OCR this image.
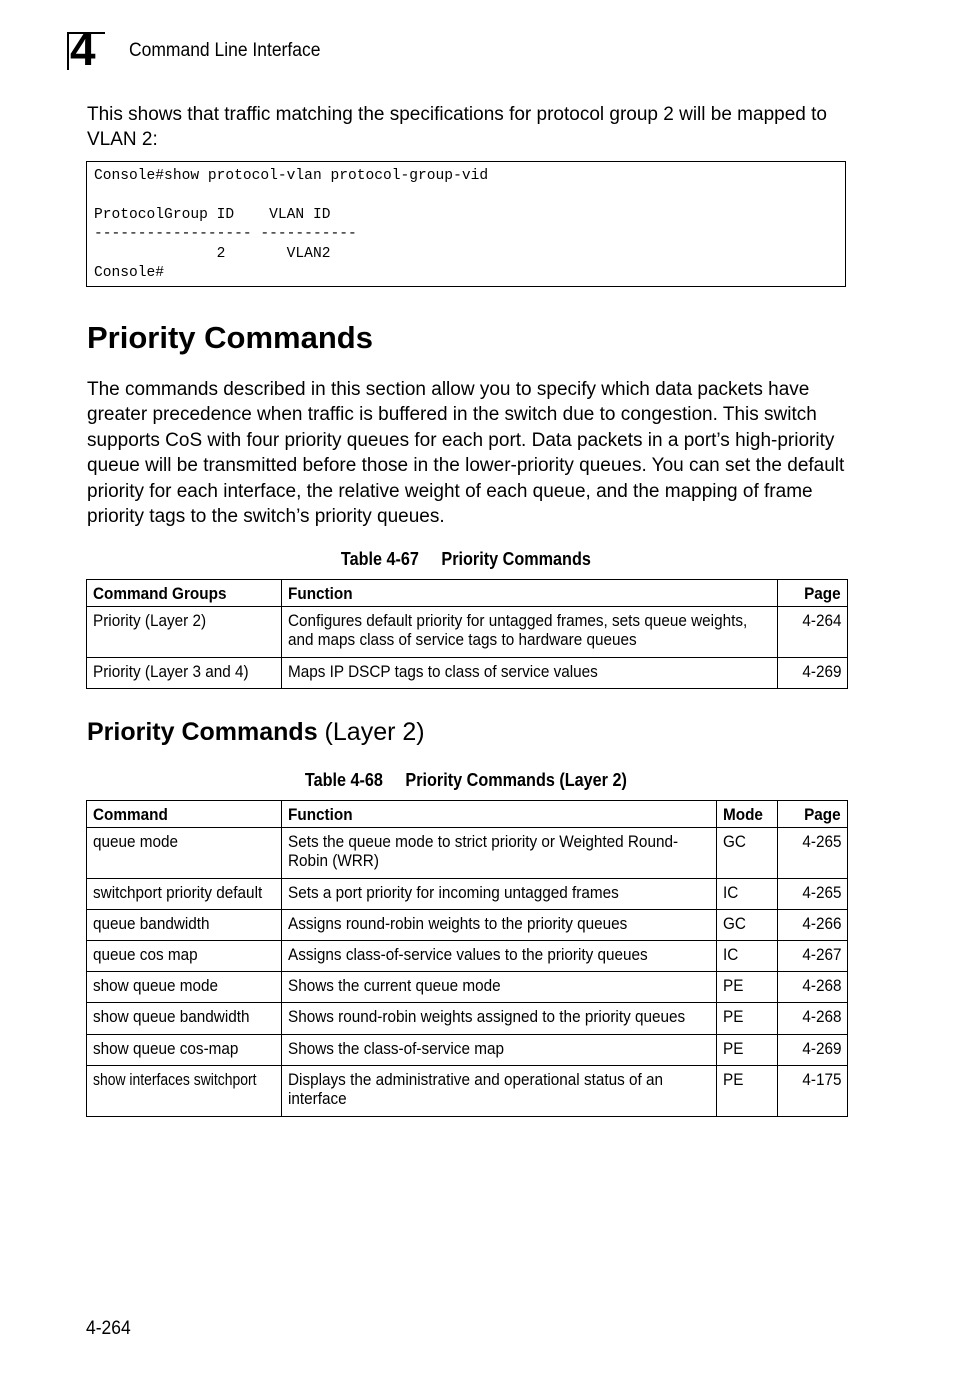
4 Command Line Interface
This shows that traffic matching the specifications for protocol group 2 will be mapped to VLAN 2:
Console#show protocol-vlan protocol-group-vid

ProtocolGroup ID    VLAN ID
------------------ -----------
2       VLAN2
Console#
Priority Commands
The commands described in this section allow you to specify which data packets have greater precedence when traffic is buffered in the switch due to congestion. This switch supports CoS with four priority queues for each port. Data packets in a port’s high-priority queue will be transmitted before those in the lower-priority queues. You can set the default priority for each interface, the relative weight of each queue, and the mapping of frame priority tags to the switch’s priority queues.
Table 4-67     Priority Commands
Command Groups	Function	Page
Priority (Layer 2)	Configures default priority for untagged frames, sets queue weights, and maps class of service tags to hardware queues	4-264
Priority (Layer 3 and 4)	Maps IP DSCP tags to class of service values	4-269
Priority Commands (Layer 2)
Table 4-68     Priority Commands (Layer 2)
Command	Function	Mode	Page
queue mode	Sets the queue mode to strict priority or Weighted Round-Robin (WRR)	GC	4-265
switchport priority default	Sets a port priority for incoming untagged frames	IC	4-265
queue bandwidth	Assigns round-robin weights to the priority queues	GC	4-266
queue cos map	Assigns class-of-service values to the priority queues	IC	4-267
show queue mode	Shows the current queue mode	PE	4-268
show queue bandwidth	Shows round-robin weights assigned to the priority queues	PE	4-268
show queue cos-map	Shows the class-of-service map	PE	4-269
show interfaces switchport	Displays the administrative and operational status of an interface	PE	4-175
4-264
